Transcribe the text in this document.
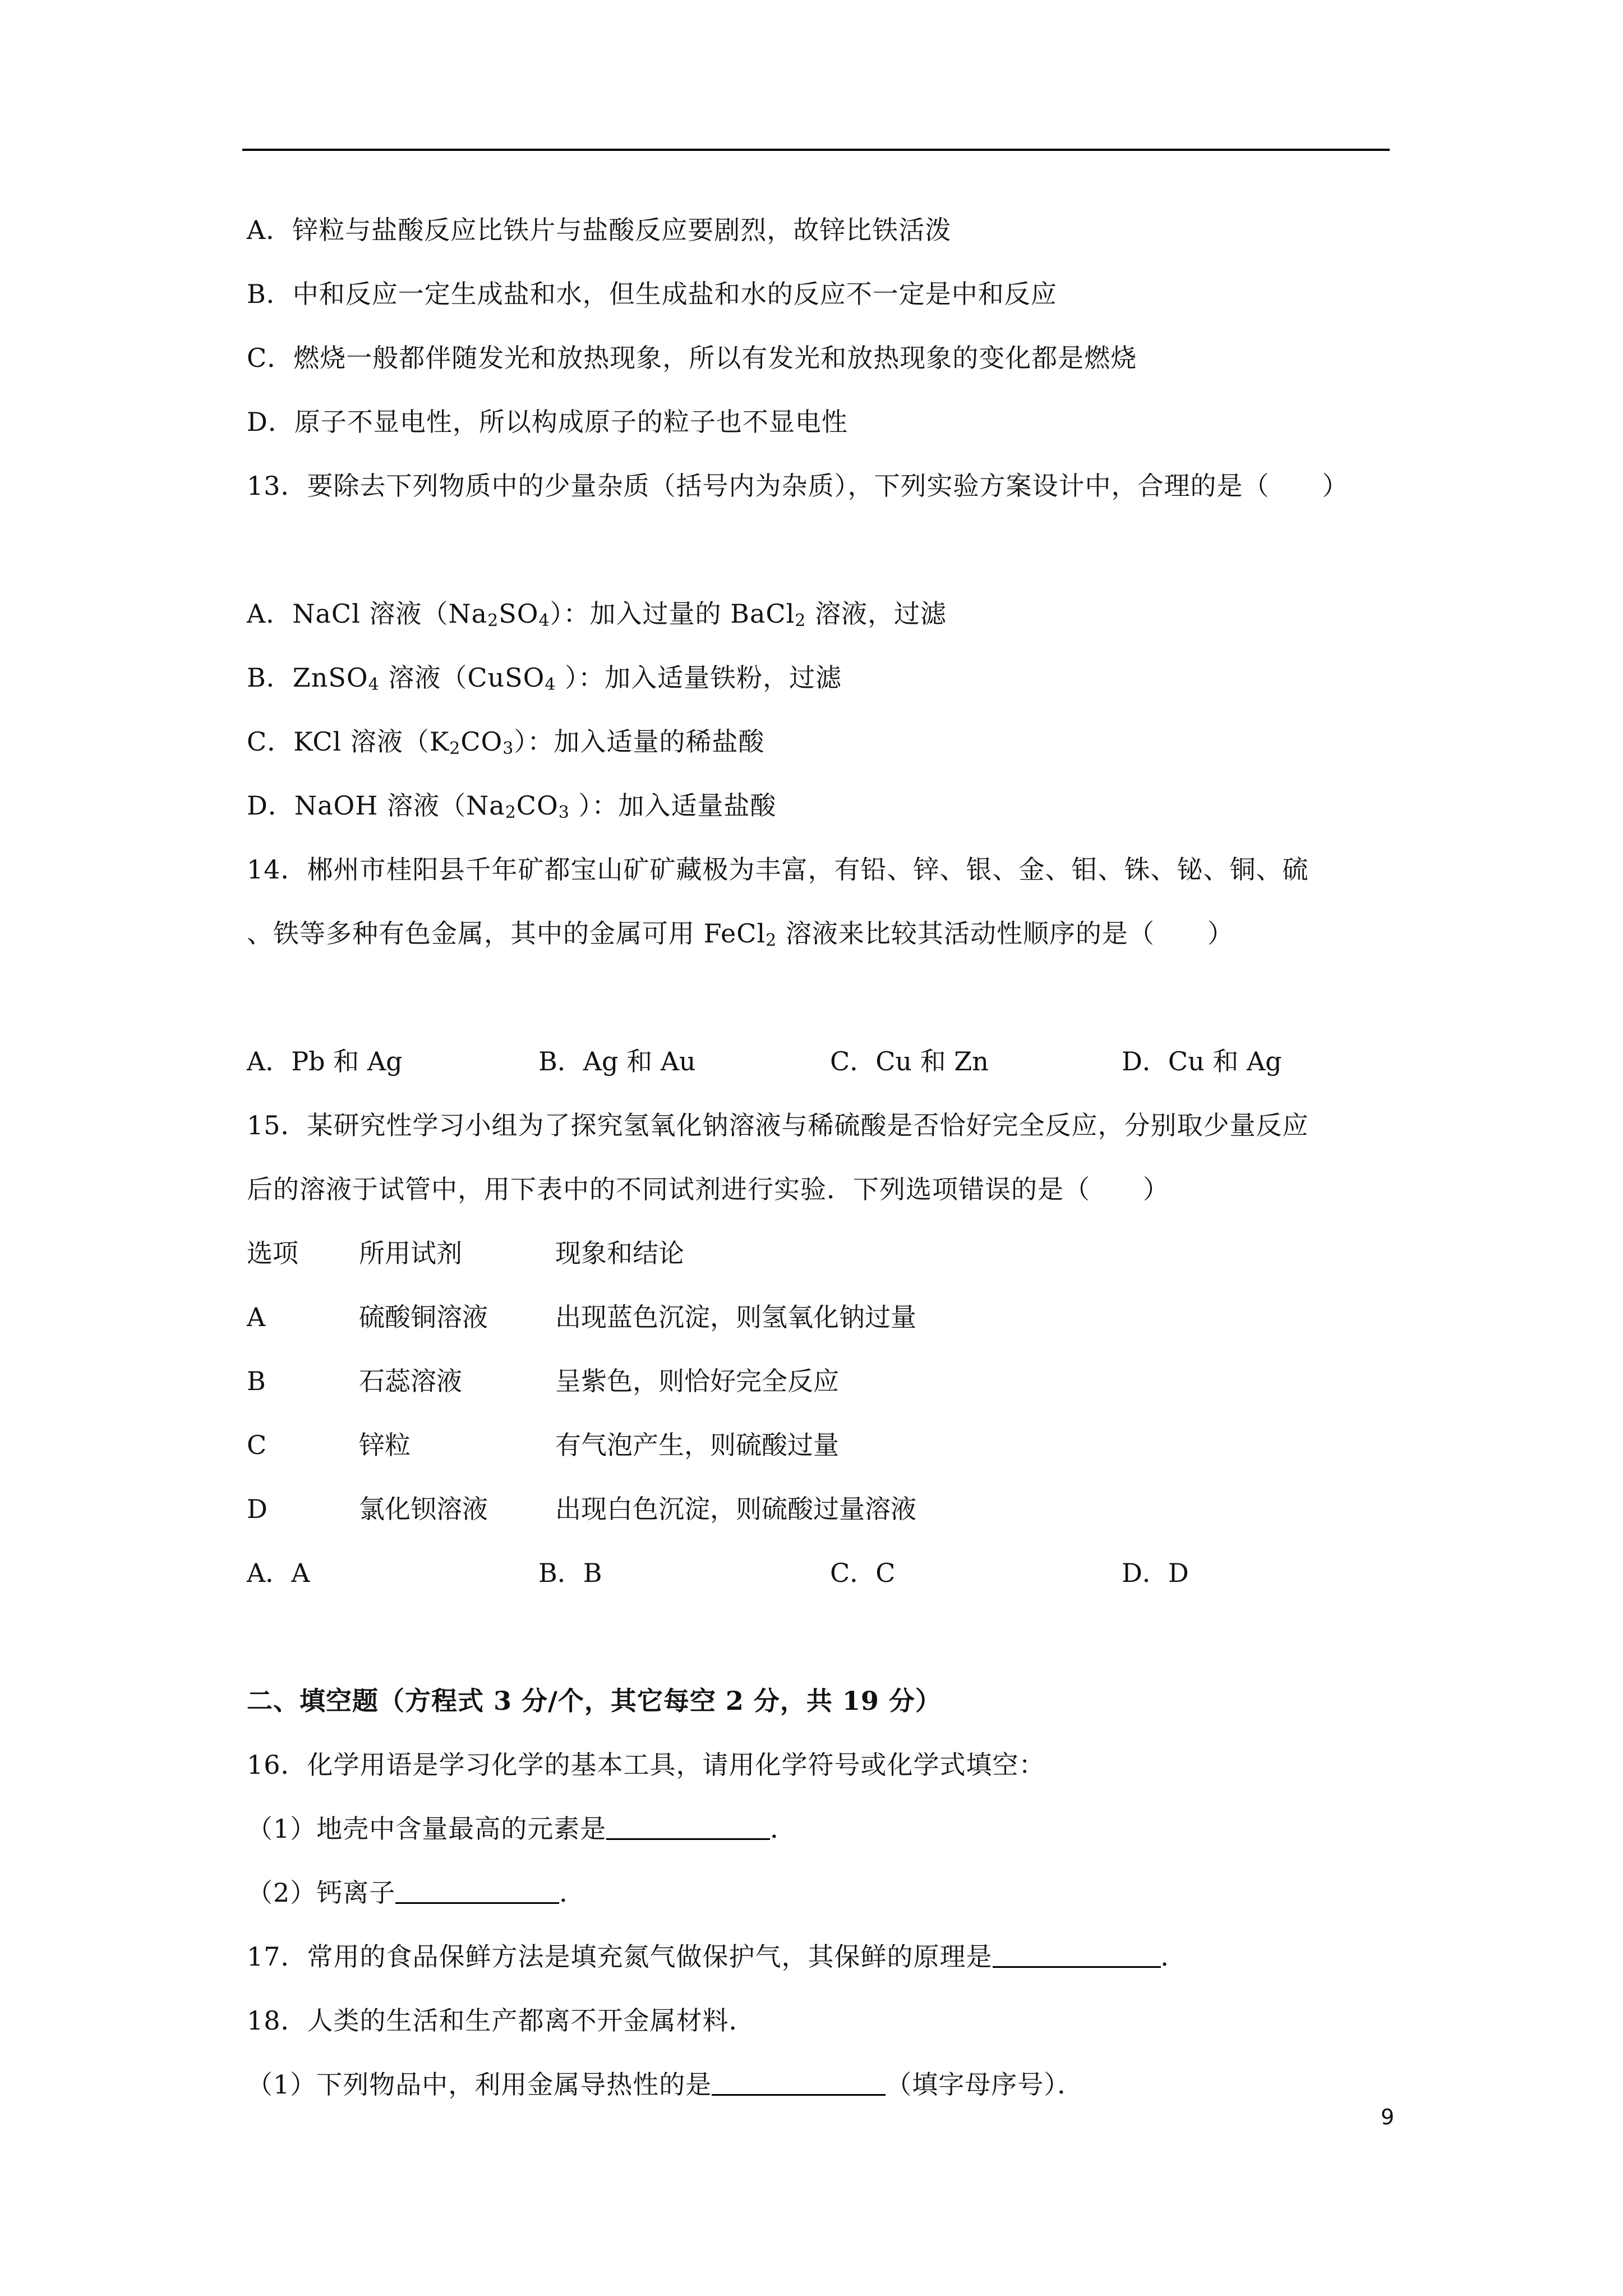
A．锌粒与盐酸反应比铁片与盐酸反应要剧烈，故锌比铁活泼
B．中和反应一定生成盐和水，但生成盐和水的反应不一定是中和反应
C．燃烧一般都伴随发光和放热现象，所以有发光和放热现象的变化都是燃烧
D．原子不显电性，所以构成原子的粒子也不显电性
13．要除去下列物质中的少量杂质（括号内为杂质），下列实验方案设计中，合理的是（　　）
A．NaCl 溶液$(Na_2SO_4)$：加入过量的 BaCl$_2$ 溶液，过滤
B．ZnSO$_4$ 溶液（CuSO$_4$ ）：加入适量铁粉，过滤
C．KCl 溶液$(K_2CO_3)$：加入适量的稀盐酸
D．NaOH 溶液（$Na_2CO_3$ ）：加入适量盐酸
14．郴州市桂阳县千年矿都宝山矿矿藏极为丰富，有铅、锌、银、金、钼、铢、铋、铜、硫
、铁等多种有色金属，其中的金属可用 FeCl$_2$ 溶液来比较其活动性顺序的是（　　）
A．Pb 和 Ag	B．Ag 和 Au	C．Cu 和 Zn	D．Cu 和 Ag
15．某研究性学习小组为了探究氢氧化钠溶液与稀硫酸是否恰好完全反应，分别取少量反应
后的溶液于试管中，用下表中的不同试剂进行实验．下列选项错误的是（　　）
选项 所用试剂	现象和结论
A	硫酸铜溶液	出现蓝色沉淀，则氢氧化钠过量
B	石蕊溶液	呈紫色，则恰好完全反应
C	锌粒	有气泡产生，则硫酸过量
D	氯化钡溶液	出现白色沉淀，则硫酸过量溶液
A．A	B．B	C．C	D．D
二、填空题（方程式 3 分/个，其它每空 2 分，共 19 分）
16．化学用语是学习化学的基本工具，请用化学符号或化学式填空：
（1）地壳中含量最高的元素是	．
（2）钙离子	．
17．常用的食品保鲜方法是填充氮气做保护气，其保鲜的原理是	．
18．人类的生活和生产都离不开金属材料．
（1）下列物品中，利用金属导热性的是	（填字母序号）．
9
